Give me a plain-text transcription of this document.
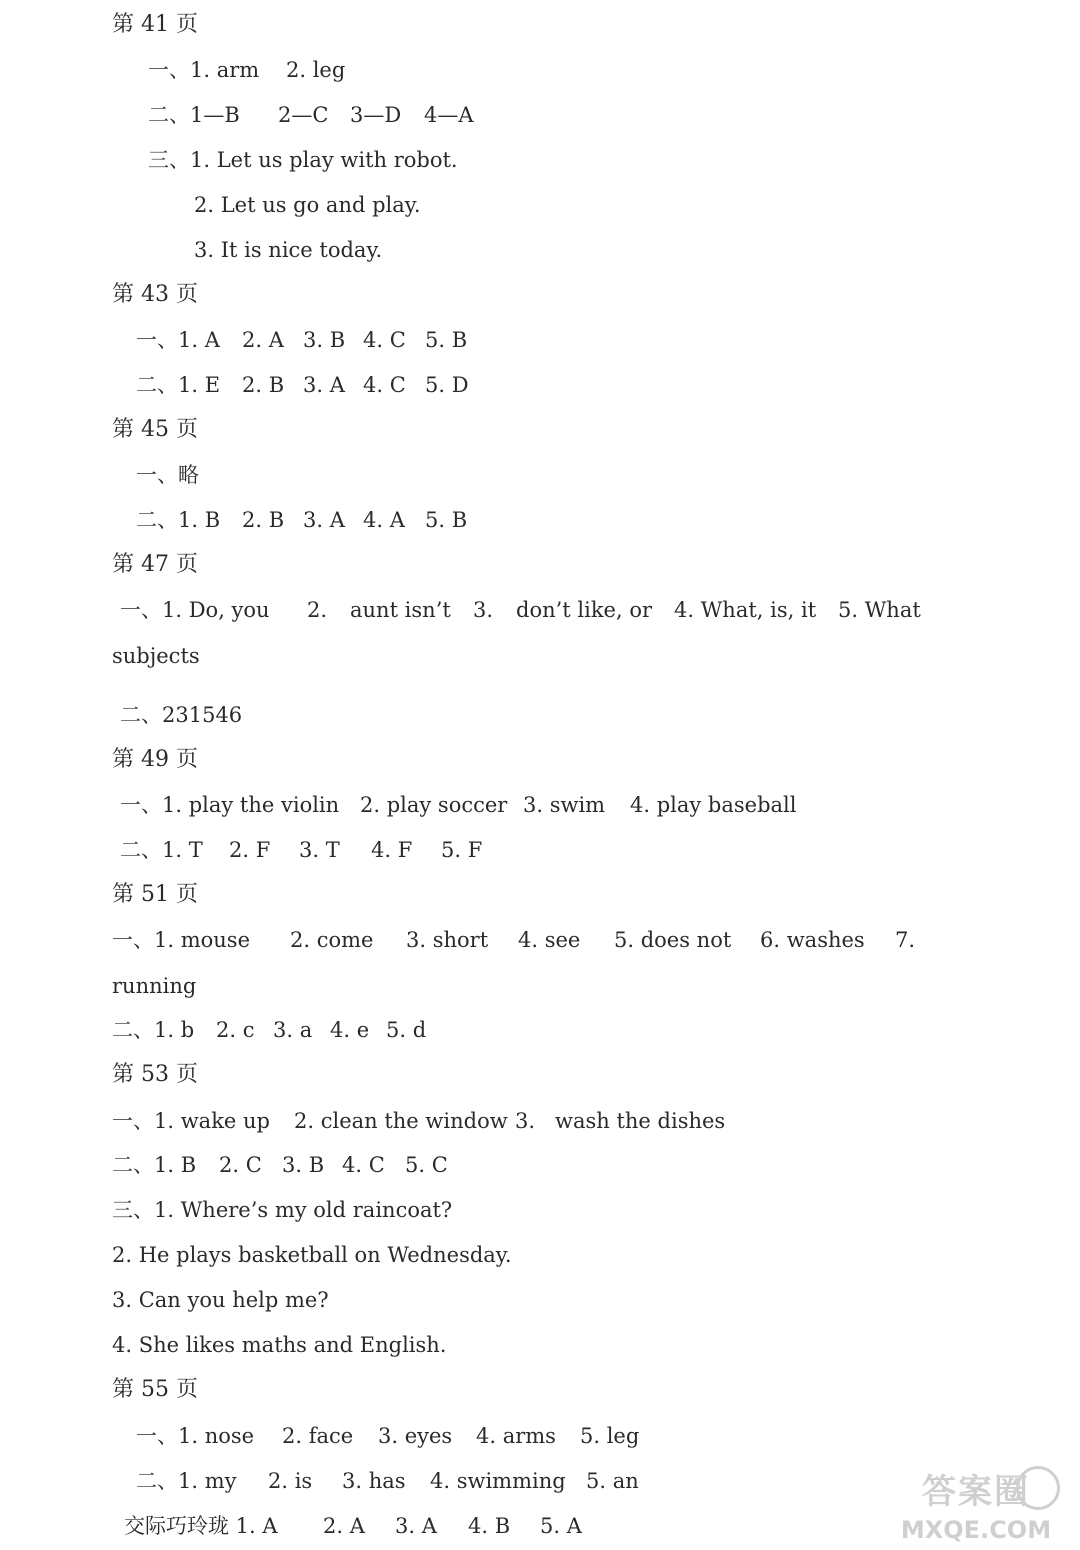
第 41 页
一、1. arm 2. leg
二、1—B 2—C 3—D 4—A
三、1. Let us play with robot.
2. Let us go and play.
3. It is nice today.
第 43 页
一、1. A 2. A 3. B 4. C 5. B
二、1. E 2. B 3. A 4. C 5. D
第 45 页
一、略
二、1. B 2. B 3. A 4. A 5. B
第 47 页
一、1. Do, you 2. aunt isn’t 3. don’t like, or 4. What, is, it 5. What
subjects
二、231546
第 49 页
一、1. play the violin 2. play soccer 3. swim 4. play baseball
二、1. T 2. F 3. T 4. F 5. F
第 51 页
一、1. mouse 2. come 3. short 4. see 5. does not 6. washes 7.
running
二、1. b 2. c 3. a 4. e 5. d
第 53 页
一、1. wake up 2. clean the window 3. wash the dishes
二、1. B 2. C 3. B 4. C 5. C
三、1. Where’s my old raincoat?
2. He plays basketball on Wednesday.
3. Can you help me?
4. She likes maths and English.
第 55 页
一、1. nose 2. face 3. eyes 4. arms 5. leg
二、1. my 2. is 3. has 4. swimming 5. an
交际巧玲珑 1. A 2. A 3. A 4. B 5. A
答案圈
MXQE.COM
